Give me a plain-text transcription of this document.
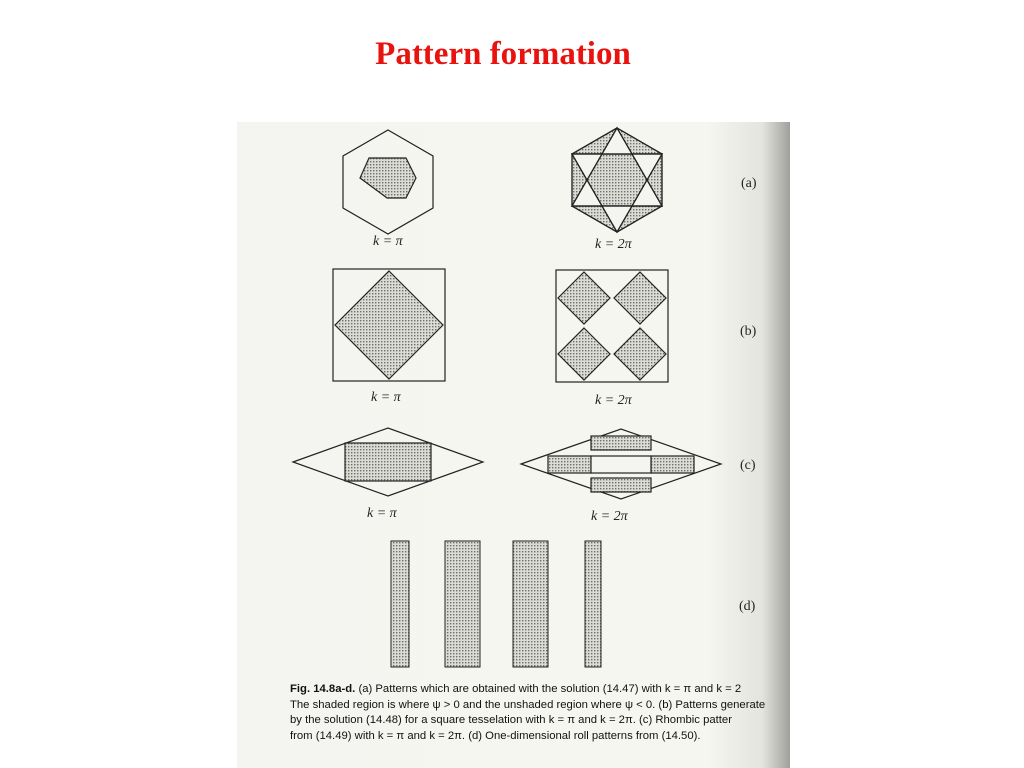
Pattern formation
k = π	k = 2π
k = π	k = 2π
k = π	k = 2π
(a)
(b)
(c)
(d)
Fig. 14.8a-d. (a) Patterns which are obtained with the solution (14.47) with k = π and k = 2
The shaded region is where ψ > 0 and the unshaded region where ψ < 0. (b) Patterns generate
by the solution (14.48) for a square tesselation with k = π and k = 2π. (c) Rhombic patter
from (14.49) with k = π and k = 2π. (d) One-dimensional roll patterns from (14.50).
